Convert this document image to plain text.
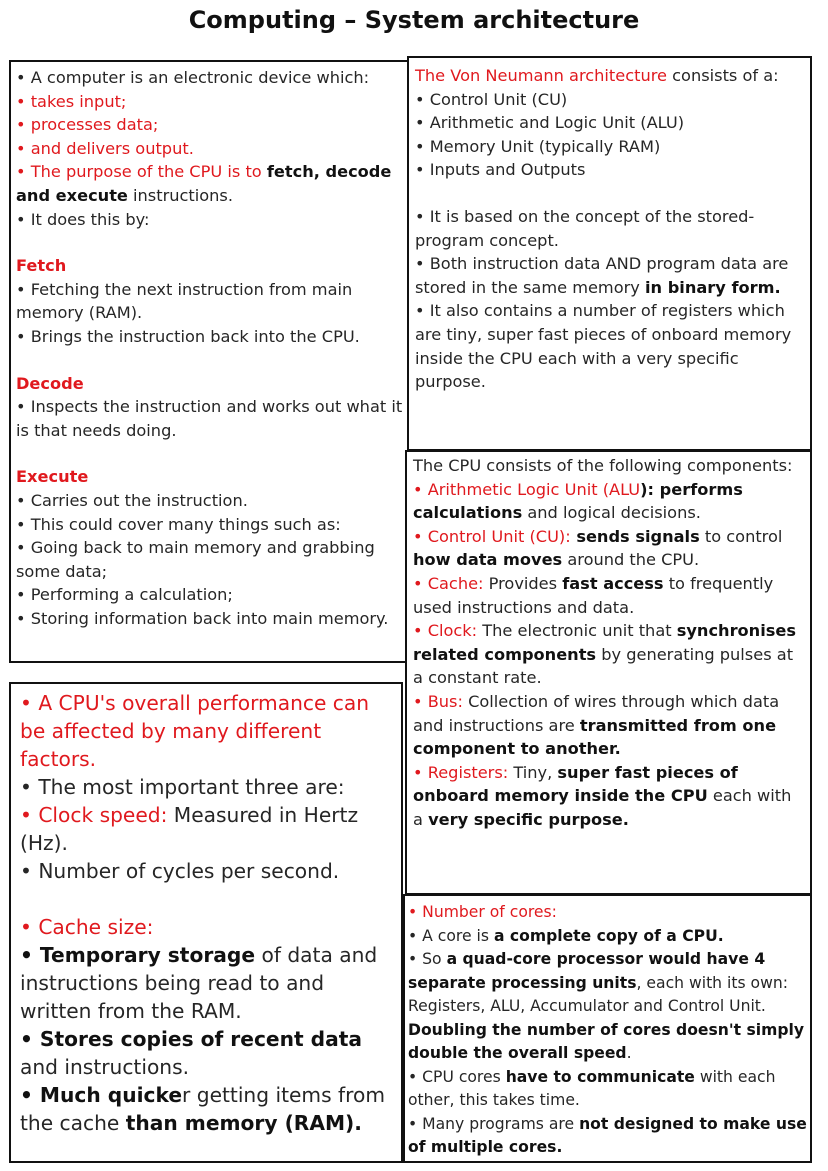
Computing – System architecture

• A computer is an electronic device which:

• takes input;

• processes data;

• and delivers output.

• The purpose of the CPU is to fetch, decode and execute instructions.

• It does this by:

Fetch

• Fetching the next instruction from main memory (RAM).

• Brings the instruction back into the CPU.

Decode

• Inspects the instruction and works out what it is that needs doing.

Execute

• Carries out the instruction.

• This could cover many things such as:

• Going back to main memory and grabbing some data;

• Performing a calculation;

• Storing information back into main memory.

The Von Neumann architecture consists of a:

• Control Unit (CU)

• Arithmetic and Logic Unit (ALU)

• Memory Unit (typically RAM)

• Inputs and Outputs

• It is based on the concept of the stored-program concept.

• Both instruction data AND program data are stored in the same memory in binary form.

• It also contains a number of registers which are tiny, super fast pieces of onboard memory inside the CPU each with a very specific purpose.

The CPU consists of the following components:

• Arithmetic Logic Unit (ALU): performs calculations and logical decisions.

• Control Unit (CU): sends signals to control how data moves around the CPU.

• Cache: Provides fast access to frequently used instructions and data.

• Clock: The electronic unit that synchronises related components by generating pulses at a constant rate.

• Bus: Collection of wires through which data and instructions are transmitted from one component to another.

• Registers: Tiny, super fast pieces of onboard memory inside the CPU each with a very specific purpose.

• A CPU's overall performance can be affected by many different factors.

• The most important three are:

• Clock speed: Measured in Hertz (Hz).

• Number of cycles per second.

• Cache size:

• Temporary storage of data and instructions being read to and written from the RAM.

• Stores copies of recent data and instructions.

• Much quicker getting items from the cache than memory (RAM).

• Number of cores:

• A core is a complete copy of a CPU.

• So a quad-core processor would have 4 separate processing units, each with its own: Registers, ALU, Accumulator and Control Unit. Doubling the number of cores doesn't simply double the overall speed.

• CPU cores have to communicate with each other, this takes time.

• Many programs are not designed to make use of multiple cores.
